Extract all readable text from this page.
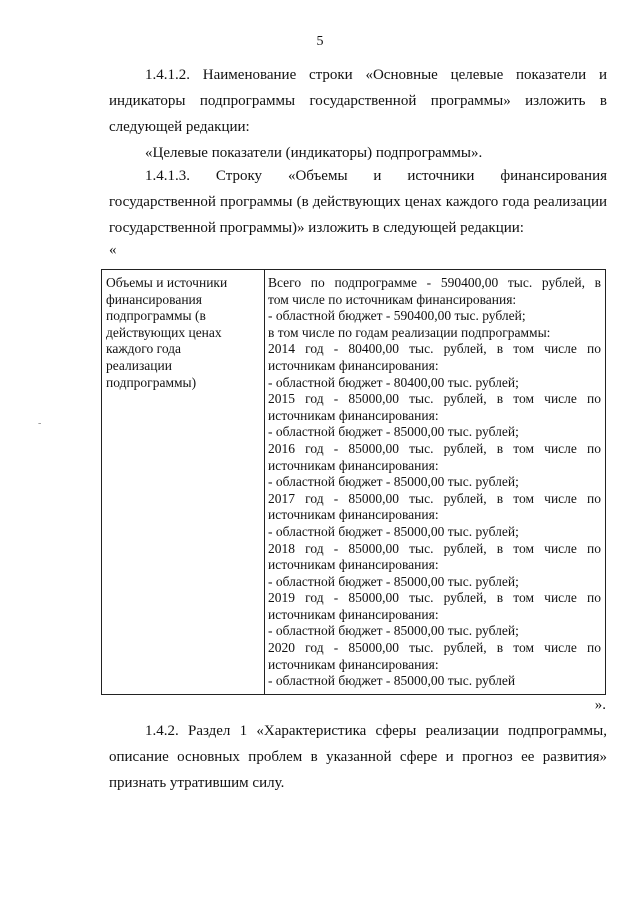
5
1.4.1.2. Наименование строки «Основные целевые показатели и
индикаторы подпрограммы государственной программы» изложить в
следующей редакции:
«Целевые показатели (индикаторы) подпрограммы».
1.4.1.3. Строку «Объемы и источники финансирования
государственной программы (в действующих ценах каждого года реализации
государственной программы)» изложить в следующей редакции:
«
Объемы и источники
финансирования
подпрограммы (в
действующих ценах
каждого года
реализации
подпрограммы)
Всего по подпрограмме - 590400,00 тыс. рублей, в
том числе по источникам финансирования:
- областной бюджет - 590400,00 тыс. рублей;
в том числе по годам реализации подпрограммы:
2014 год - 80400,00 тыс. рублей, в том числе по
источникам финансирования:
- областной бюджет - 80400,00 тыс. рублей;
2015 год - 85000,00 тыс. рублей, в том числе по
источникам финансирования:
- областной бюджет - 85000,00 тыс. рублей;
2016 год - 85000,00 тыс. рублей, в том числе по
источникам финансирования:
- областной бюджет - 85000,00 тыс. рублей;
2017 год - 85000,00 тыс. рублей, в том числе по
источникам финансирования:
- областной бюджет - 85000,00 тыс. рублей;
2018 год - 85000,00 тыс. рублей, в том числе по
источникам финансирования:
- областной бюджет - 85000,00 тыс. рублей;
2019 год - 85000,00 тыс. рублей, в том числе по
источникам финансирования:
- областной бюджет - 85000,00 тыс. рублей;
2020 год - 85000,00 тыс. рублей, в том числе по
источникам финансирования:
- областной бюджет - 85000,00 тыс. рублей
».
1.4.2. Раздел 1 «Характеристика сферы реализации подпрограммы,
описание основных проблем в указанной сфере и прогноз ее развития»
признать утратившим силу.
-
